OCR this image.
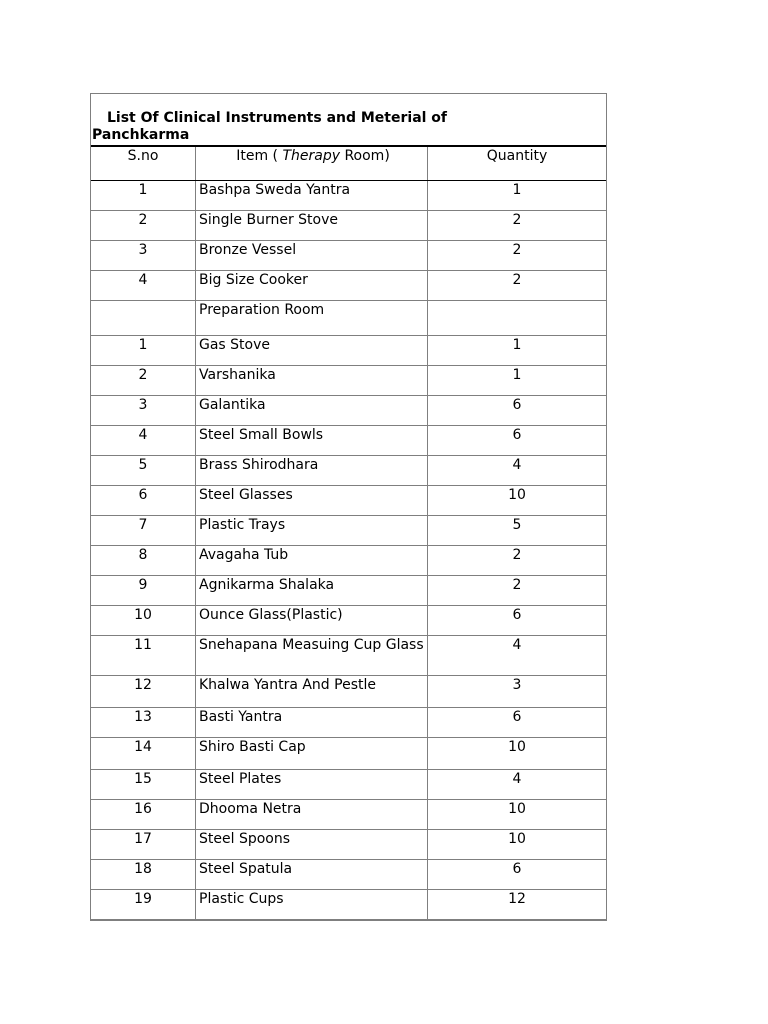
List Of Clinical Instruments and Meterial of
Panchkarma
S.no	Item ( Therapy Room)	Quantity
1	Bashpa Sweda Yantra	1
2	Single Burner Stove	2
3	Bronze Vessel	2
4	Big Size Cooker	2
	Preparation Room	
1	Gas Stove	1
2	Varshanika	1
3	Galantika	6
4	Steel Small Bowls	6
5	Brass Shirodhara	4
6	Steel Glasses	10
7	Plastic Trays	5
8	Avagaha Tub	2
9	Agnikarma Shalaka	2
10	Ounce Glass(Plastic)	6
11	Snehapana Measuing Cup Glass	4
12	Khalwa Yantra And Pestle	3
13	Basti Yantra	6
14	Shiro Basti Cap	10
15	Steel Plates	4
16	Dhooma Netra	10
17	Steel Spoons	10
18	Steel Spatula	6
19	Plastic Cups	12
